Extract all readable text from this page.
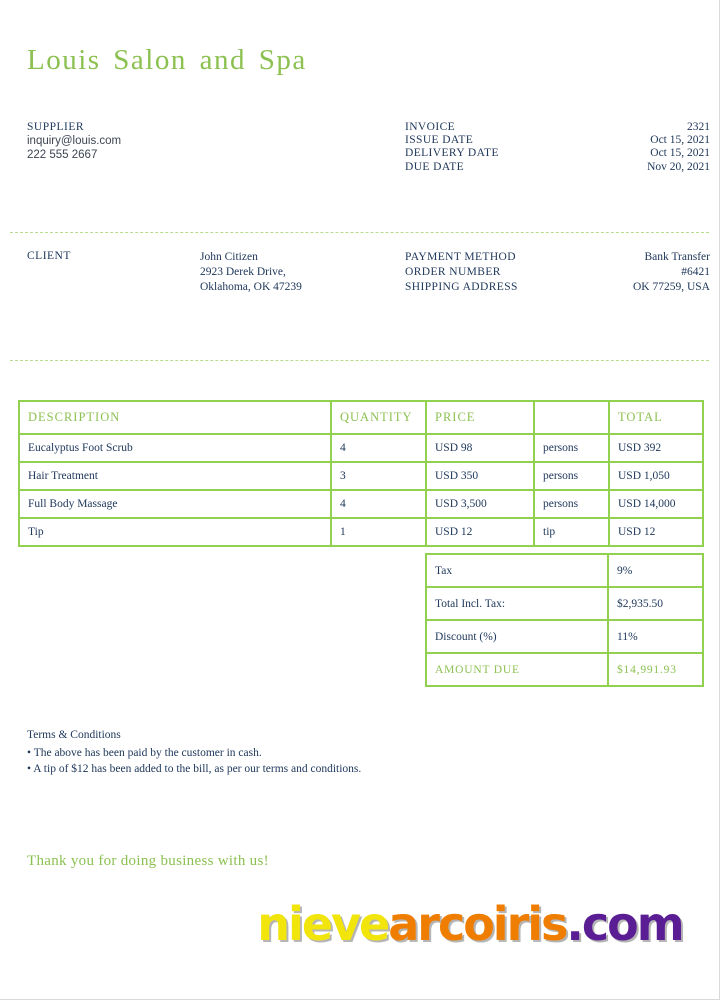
Louis Salon and Spa
SUPPLIER
inquiry@louis.com
222 555 2667
INVOICE	2321
ISSUE DATE	Oct 15, 2021
DELIVERY DATE	Oct 15, 2021
DUE DATE	Nov 20, 2021
CLIENT	John Citizen
2923 Derek Drive,
Oklahoma, OK 47239
PAYMENT METHOD	Bank Transfer
ORDER NUMBER	#6421
SHIPPING ADDRESS	OK 77259, USA
DESCRIPTION	QUANTITY	PRICE		TOTAL
Eucalyptus Foot Scrub	4	USD 98	persons	USD 392
Hair Treatment	3	USD 350	persons	USD 1,050
Full Body Massage	4	USD 3,500	persons	USD 14,000
Tip	1	USD 12	tip	USD 12
Tax	9%
Total Incl. Tax:	$2,935.50
Discount (%)	11%
AMOUNT DUE	$14,991.93
Terms & Conditions
• The above has been paid by the customer in cash.
• A tip of $12 has been added to the bill, as per our terms and conditions.
Thank you for doing business with us!
nievearcoiris.com
